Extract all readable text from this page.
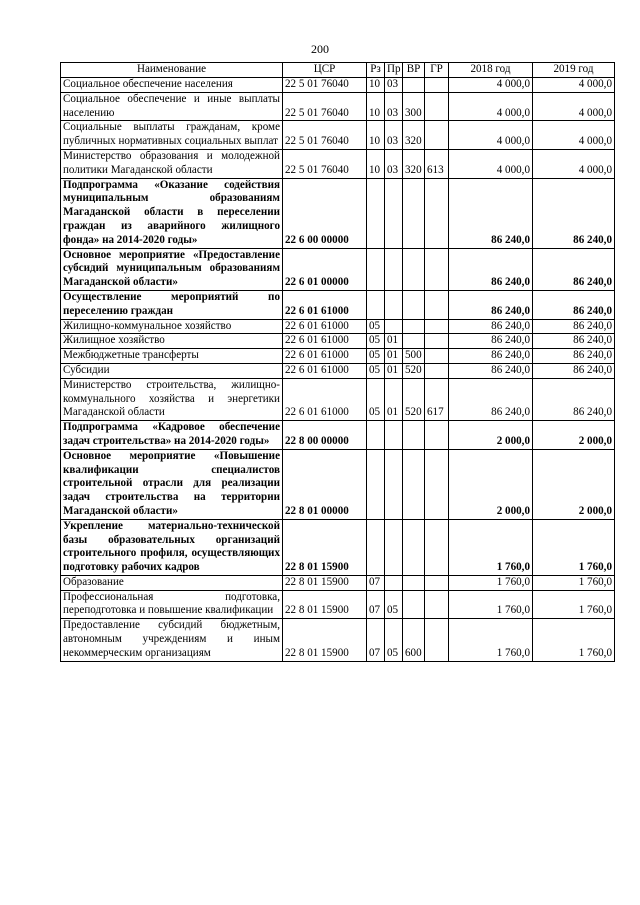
200
Наименование	ЦСР	Рз	Пр	ВР	ГР	2018 год	2019 год
Социальное обеспечение населения	22 5 01 76040	10	03			4 000,0	4 000,0
Социальное обеспечение и иные выплаты населению	22 5 01 76040	10	03	300		4 000,0	4 000,0
Социальные выплаты гражданам, кроме публичных нормативных социальных выплат	22 5 01 76040	10	03	320		4 000,0	4 000,0
Министерство образования и молодежной политики Магаданской области	22 5 01 76040	10	03	320	613	4 000,0	4 000,0
Подпрограмма «Оказание содействия муниципальным образованиям Магаданской области в переселении граждан из аварийного жилищного фонда» на 2014-2020 годы»	22 6 00 00000					86 240,0	86 240,0
Основное мероприятие «Предоставление субсидий муниципальным образованиям Магаданской области»	22 6 01 00000					86 240,0	86 240,0
Осуществление мероприятий по переселению граждан	22 6 01 61000					86 240,0	86 240,0
Жилищно-коммунальное хозяйство	22 6 01 61000	05				86 240,0	86 240,0
Жилищное хозяйство	22 6 01 61000	05	01			86 240,0	86 240,0
Межбюджетные трансферты	22 6 01 61000	05	01	500		86 240,0	86 240,0
Субсидии	22 6 01 61000	05	01	520		86 240,0	86 240,0
Министерство строительства, жилищно-коммунального хозяйства и энергетики Магаданской области	22 6 01 61000	05	01	520	617	86 240,0	86 240,0
Подпрограмма «Кадровое обеспечение задач строительства» на 2014-2020 годы»	22 8 00 00000					2 000,0	2 000,0
Основное мероприятие «Повышение квалификации специалистов строительной отрасли для реализации задач строительства на территории Магаданской области»	22 8 01 00000					2 000,0	2 000,0
Укрепление материально-технической базы образовательных организаций строительного профиля, осуществляющих подготовку рабочих кадров	22 8 01 15900					1 760,0	1 760,0
Образование	22 8 01 15900	07				1 760,0	1 760,0
Профессиональная подготовка, переподготовка и повышение квалификации	22 8 01 15900	07	05			1 760,0	1 760,0
Предоставление субсидий бюджетным, автономным учреждениям и иным некоммерческим организациям	22 8 01 15900	07	05	600		1 760,0	1 760,0
